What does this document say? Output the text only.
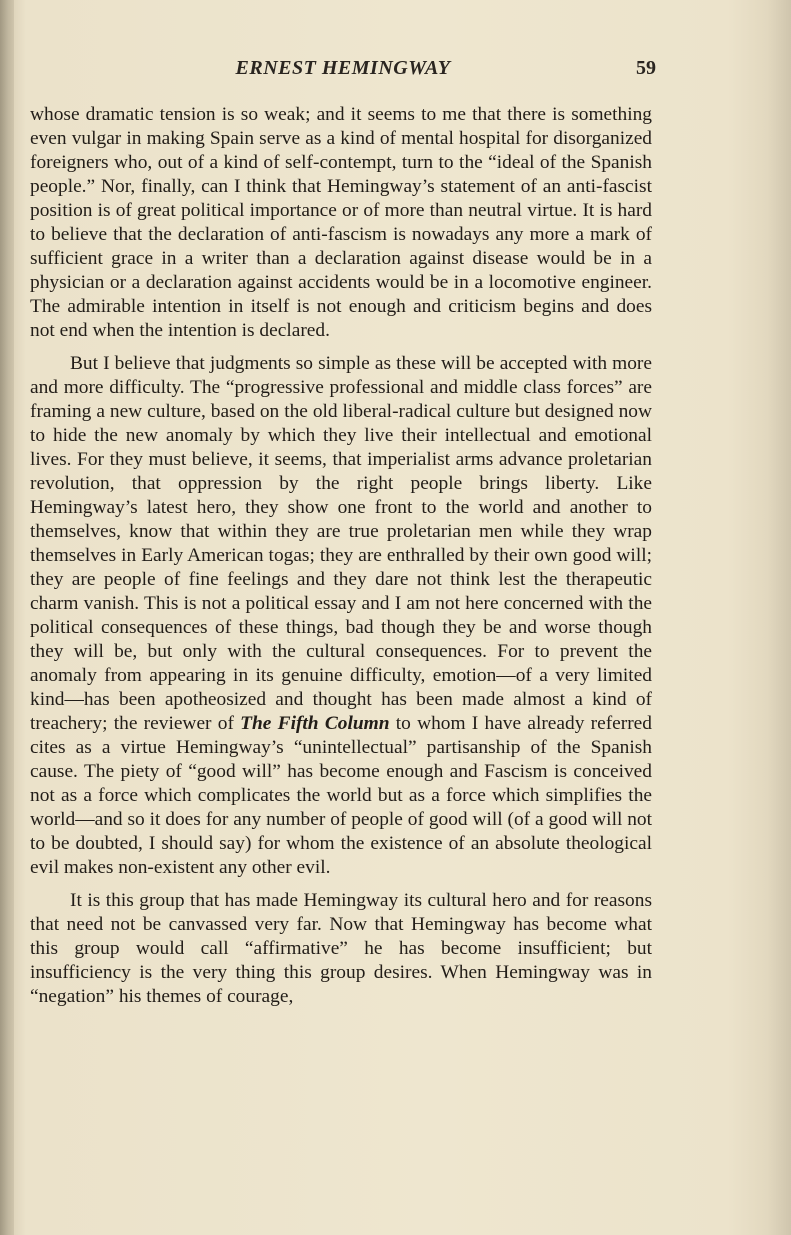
ERNEST HEMINGWAY	59

whose dramatic tension is so weak; and it seems to me that there is something even vulgar in making Spain serve as a kind of mental hospital for disorganized foreigners who, out of a kind of self-contempt, turn to the “ideal of the Spanish people.” Nor, finally, can I think that Hemingway’s statement of an anti-fascist position is of great political importance or of more than neutral virtue. It is hard to believe that the declaration of anti-fascism is nowadays any more a mark of sufficient grace in a writer than a declaration against disease would be in a physician or a declaration against accidents would be in a locomotive engineer. The admirable intention in itself is not enough and criticism begins and does not end when the intention is declared.

But I believe that judgments so simple as these will be accepted with more and more difficulty. The “progressive professional and middle class forces” are framing a new culture, based on the old liberal-radical culture but designed now to hide the new anomaly by which they live their intellectual and emotional lives. For they must believe, it seems, that imperialist arms advance proletarian revolution, that oppression by the right people brings liberty. Like Hemingway’s latest hero, they show one front to the world and another to themselves, know that within they are true proletarian men while they wrap themselves in Early American togas; they are enthralled by their own good will; they are people of fine feelings and they dare not think lest the therapeutic charm vanish. This is not a political essay and I am not here concerned with the political consequences of these things, bad though they be and worse though they will be, but only with the cultural consequences. For to prevent the anomaly from appearing in its genuine difficulty, emotion—of a very limited kind—has been apotheosized and thought has been made almost a kind of treachery; the reviewer of The Fifth Column to whom I have already referred cites as a virtue Hemingway’s “unintellectual” partisanship of the Spanish cause. The piety of “good will” has become enough and Fascism is conceived not as a force which complicates the world but as a force which simplifies the world—and so it does for any number of people of good will (of a good will not to be doubted, I should say) for whom the existence of an absolute theological evil makes non-existent any other evil.

It is this group that has made Hemingway its cultural hero and for reasons that need not be canvassed very far. Now that Hemingway has become what this group would call “affirmative” he has become insufficient; but insufficiency is the very thing this group desires. When Hemingway was in “negation” his themes of courage,
